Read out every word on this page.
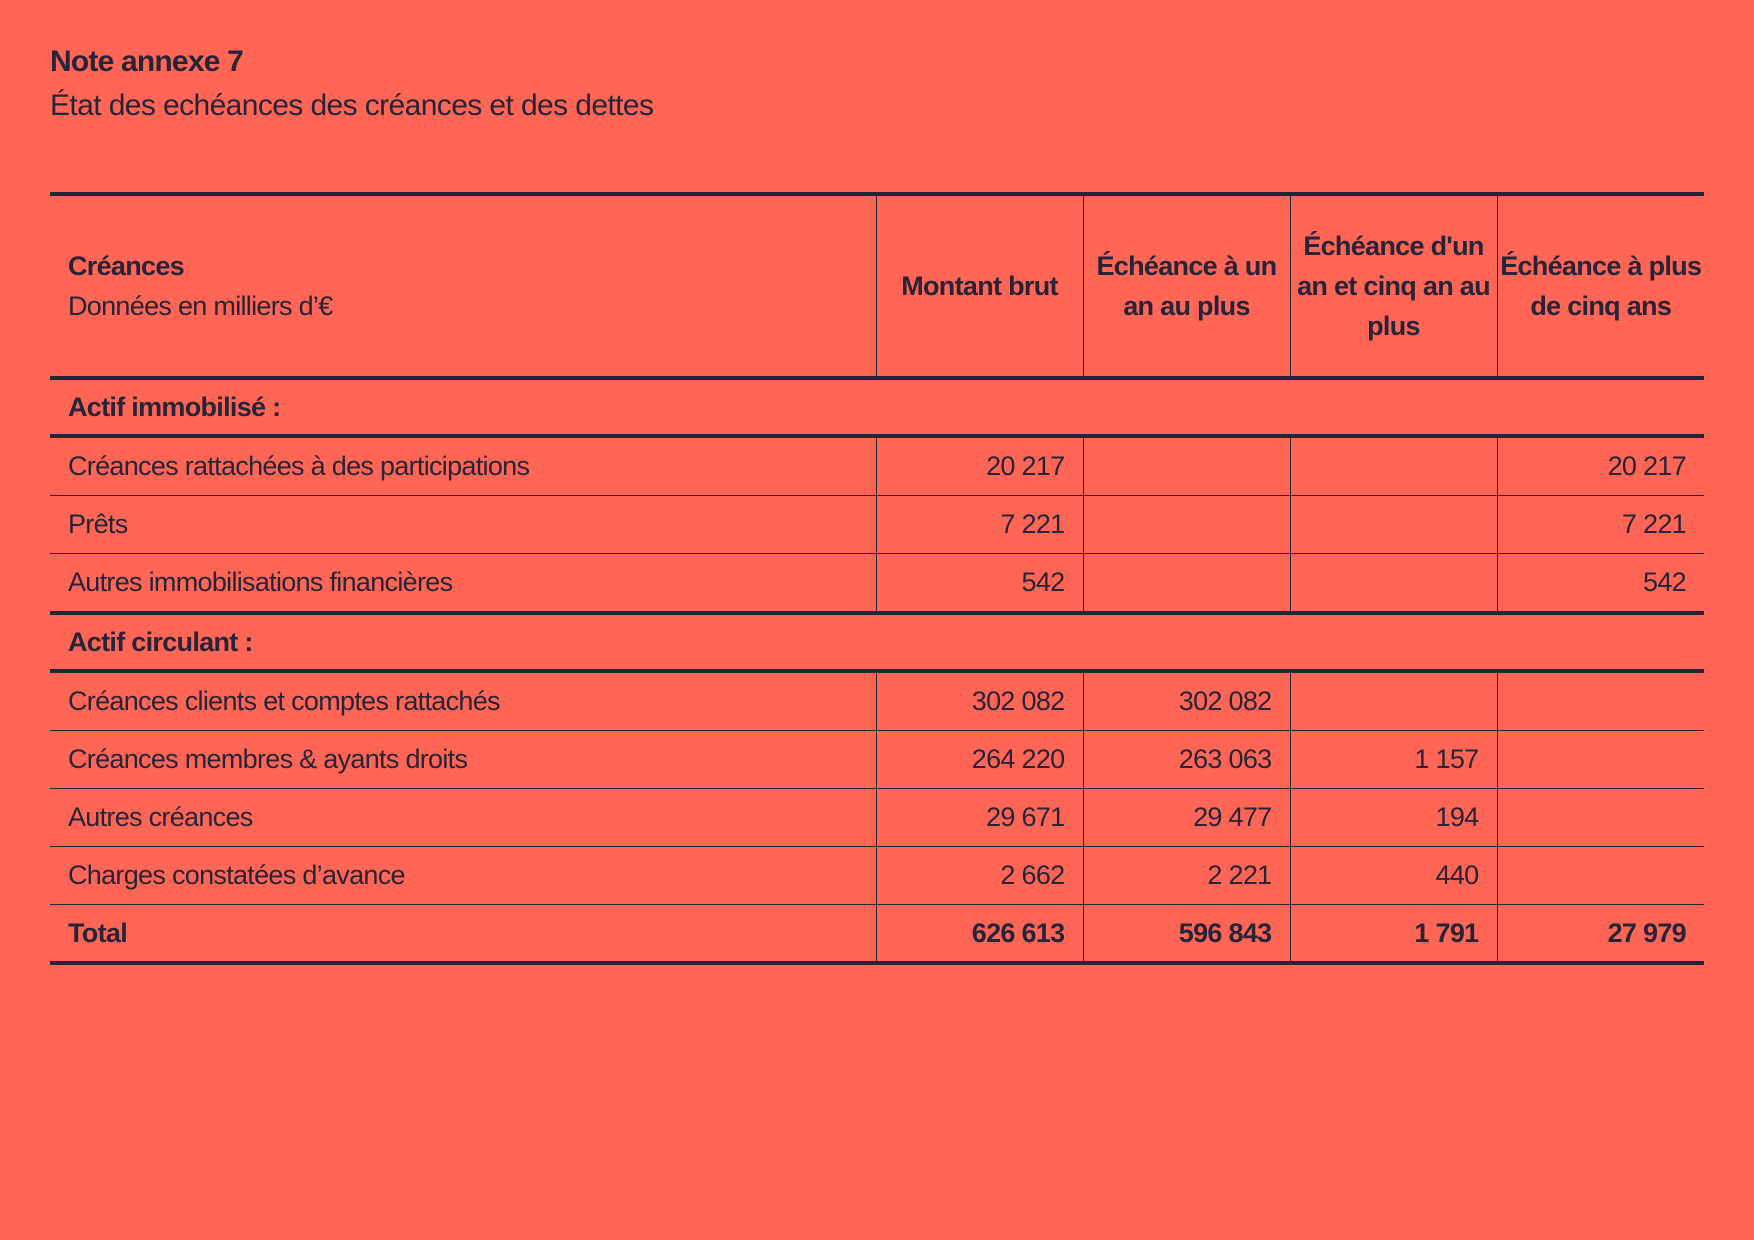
Note annexe 7
État des echéances des créances et des dettes
Créances
Données en milliers d’€	Montant brut	Échéance à un an au plus	Échéance d'un an et cinq an au plus	Échéance à plus de cinq ans
Actif immobilisé :				
Créances rattachées à des participations	20 217			20 217
Prêts	7 221			7 221
Autres immobilisations financières	542			542
Actif circulant :				
Créances clients et comptes rattachés	302 082	302 082		
Créances membres & ayants droits	264 220	263 063	1 157	
Autres créances	29 671	29 477	194	
Charges constatées d’avance	2 662	2 221	440	
Total	626 613	596 843	1 791	27 979
